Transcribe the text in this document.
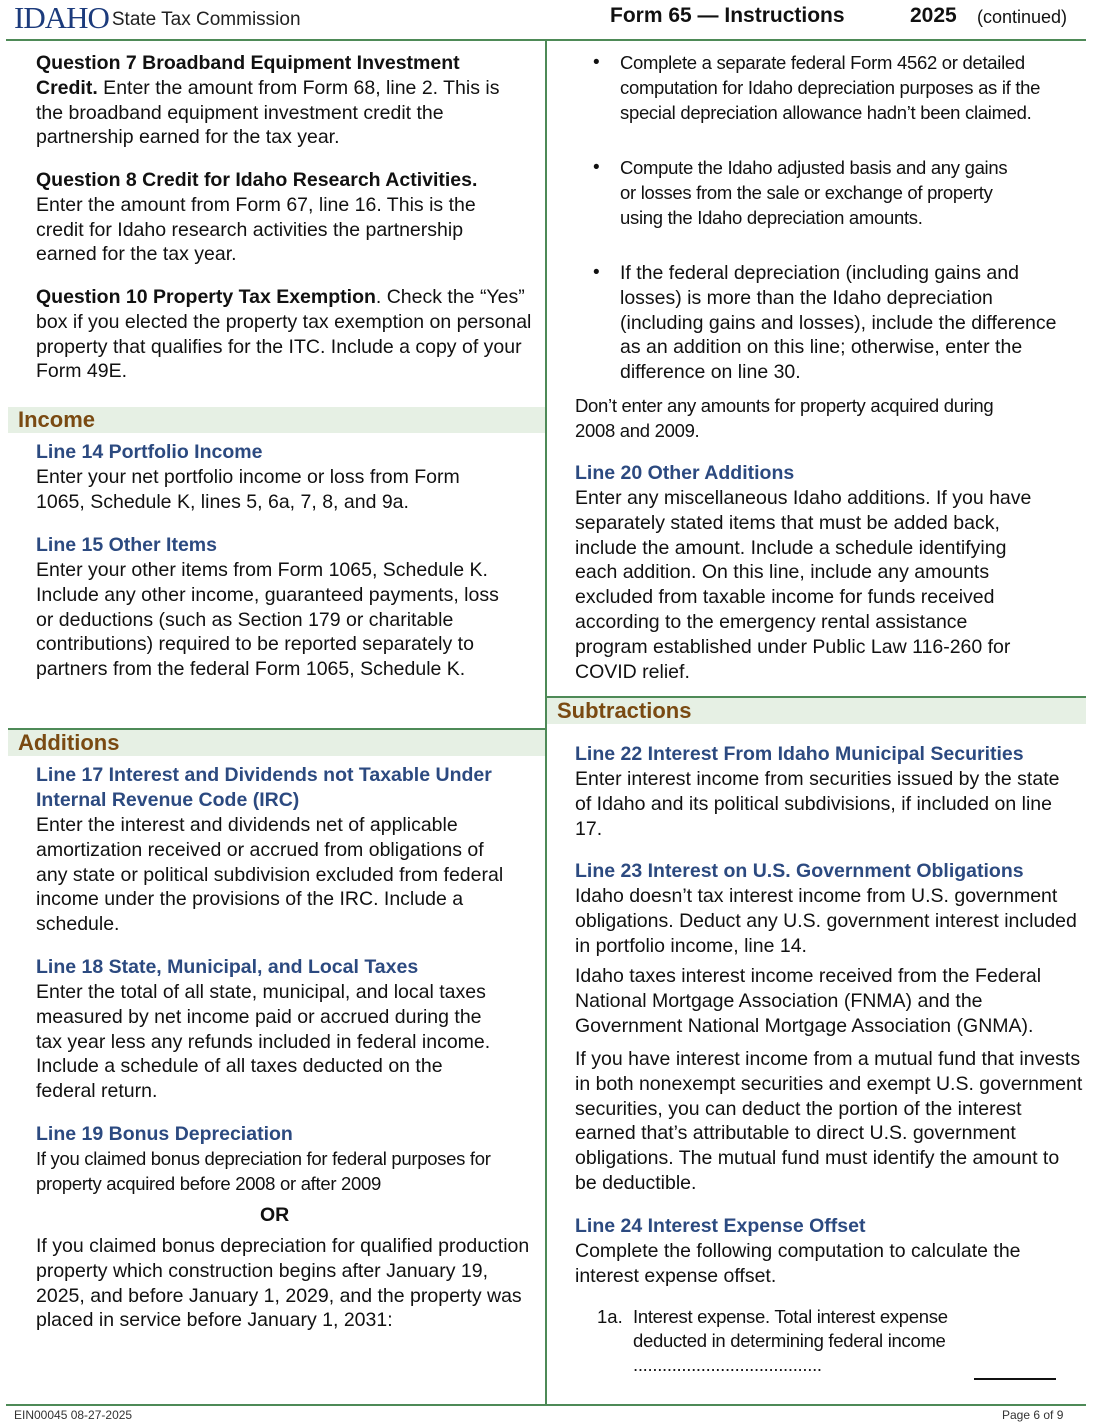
IDAHO State Tax Commission	Form 65 — Instructions	2025 (continued)

Question 7 Broadband Equipment Investment Credit. Enter the amount from Form 68, line 2. This is the broadband equipment investment credit the partnership earned for the tax year.

Question 8 Credit for Idaho Research Activities. Enter the amount from Form 67, line 16. This is the credit for Idaho research activities the partnership earned for the tax year.

Question 10 Property Tax Exemption. Check the “Yes” box if you elected the property tax exemption on personal property that qualifies for the ITC. Include a copy of your Form 49E.

Income
Line 14 Portfolio Income

Enter your net portfolio income or loss from Form 1065, Schedule K, lines 5, 6a, 7, 8, and 9a.

Line 15 Other Items

Enter your other items from Form 1065, Schedule K. Include any other income, guaranteed payments, loss or deductions (such as Section 179 or charitable contributions) required to be reported separately to partners from the federal Form 1065, Schedule K.

Additions
Line 17 Interest and Dividends not Taxable Under Internal Revenue Code (IRC)

Enter the interest and dividends net of applicable amortization received or accrued from obligations of any state or political subdivision excluded from federal income under the provisions of the IRC. Include a schedule.

Line 18 State, Municipal, and Local Taxes

Enter the total of all state, municipal, and local taxes measured by net income paid or accrued during the tax year less any refunds included in federal income. Include a schedule of all taxes deducted on the federal return.

Line 19 Bonus Depreciation

If you claimed bonus depreciation for federal purposes for property acquired before 2008 or after 2009

OR

If you claimed bonus depreciation for qualified production property which construction begins after January 19, 2025, and before January 1, 2029, and the property was placed in service before January 1, 2031:

• Complete a separate federal Form 4562 or detailed computation for Idaho depreciation purposes as if the special depreciation allowance hadn’t been claimed.

• Compute the Idaho adjusted basis and any gains or losses from the sale or exchange of property using the Idaho depreciation amounts.

• If the federal depreciation (including gains and losses) is more than the Idaho depreciation (including gains and losses), include the difference as an addition on this line; otherwise, enter the difference on line 30.

Don’t enter any amounts for property acquired during 2008 and 2009.

Line 20 Other Additions

Enter any miscellaneous Idaho additions. If you have separately stated items that must be added back, include the amount. Include a schedule identifying each addition. On this line, include any amounts excluded from taxable income for funds received according to the emergency rental assistance program established under Public Law 116-260 for COVID relief.

Subtractions
Line 22 Interest From Idaho Municipal Securities

Enter interest income from securities issued by the state of Idaho and its political subdivisions, if included on line 17.

Line 23 Interest on U.S. Government Obligations

Idaho doesn’t tax interest income from U.S. government obligations. Deduct any U.S. government interest included in portfolio income, line 14.

Idaho taxes interest income received from the Federal National Mortgage Association (FNMA) and the Government National Mortgage Association (GNMA).

If you have interest income from a mutual fund that invests in both nonexempt securities and exempt U.S. government securities, you can deduct the portion of the interest earned that’s attributable to direct U.S. government obligations. The mutual fund must identify the amount to be deductible.

Line 24 Interest Expense Offset

Complete the following computation to calculate the interest expense offset.

1a. Interest expense. Total interest expense deducted in determining federal income .......................................
EIN00045 08-27-2025	Page 6 of 9
